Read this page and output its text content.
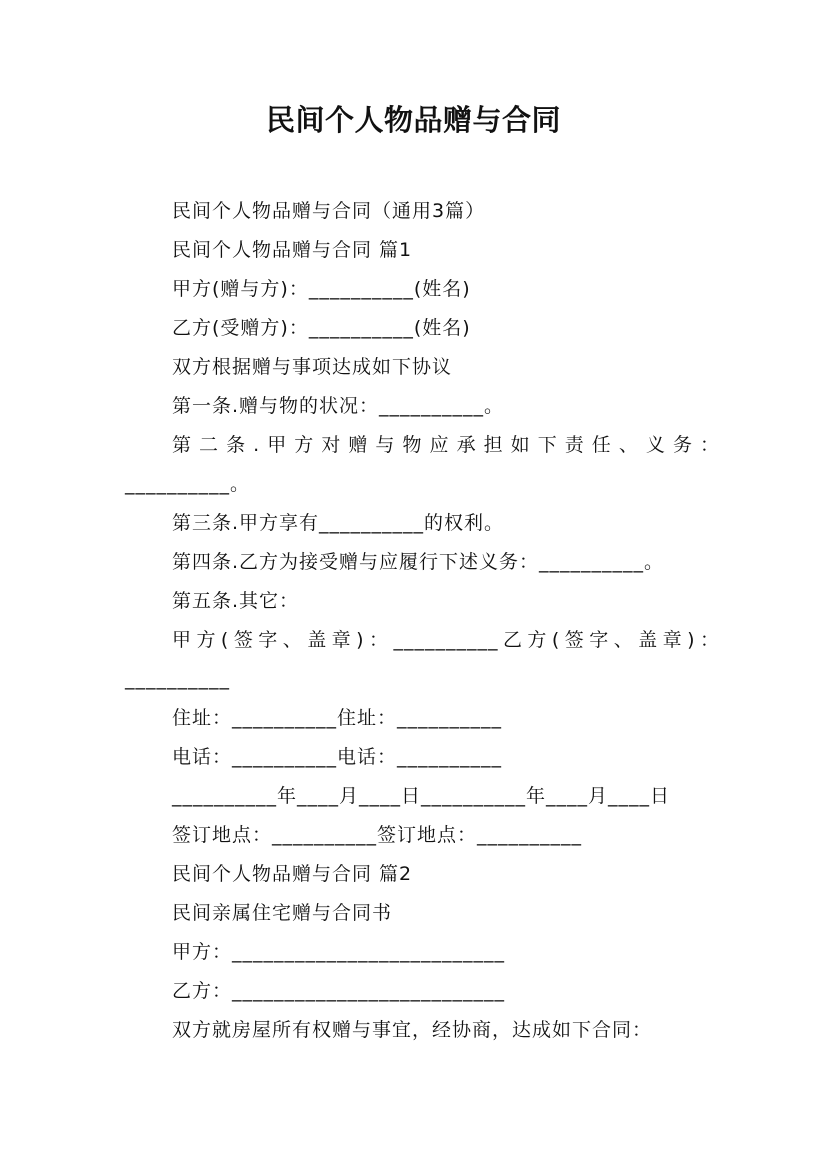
民间个人物品赠与合同
民间个人物品赠与合同（通用3篇）
民间个人物品赠与合同 篇1
甲方(赠与方)：__________(姓名)
乙方(受赠方)：__________(姓名)
双方根据赠与事项达成如下协议
第一条.赠与物的状况：__________。
第二条.甲方对赠与物应承担如下责任、义务：
__________。
第三条.甲方享有__________的权利。
第四条.乙方为接受赠与应履行下述义务：__________。
第五条.其它：
甲方(签字、盖章)：__________乙方(签字、盖章)：
__________
住址：__________住址：__________
电话：__________电话：__________
__________年____月____日__________年____月____日
签订地点：__________签订地点：__________
民间个人物品赠与合同 篇2
民间亲属住宅赠与合同书
甲方：__________________________
乙方：__________________________
双方就房屋所有权赠与事宜，经协商，达成如下合同：
